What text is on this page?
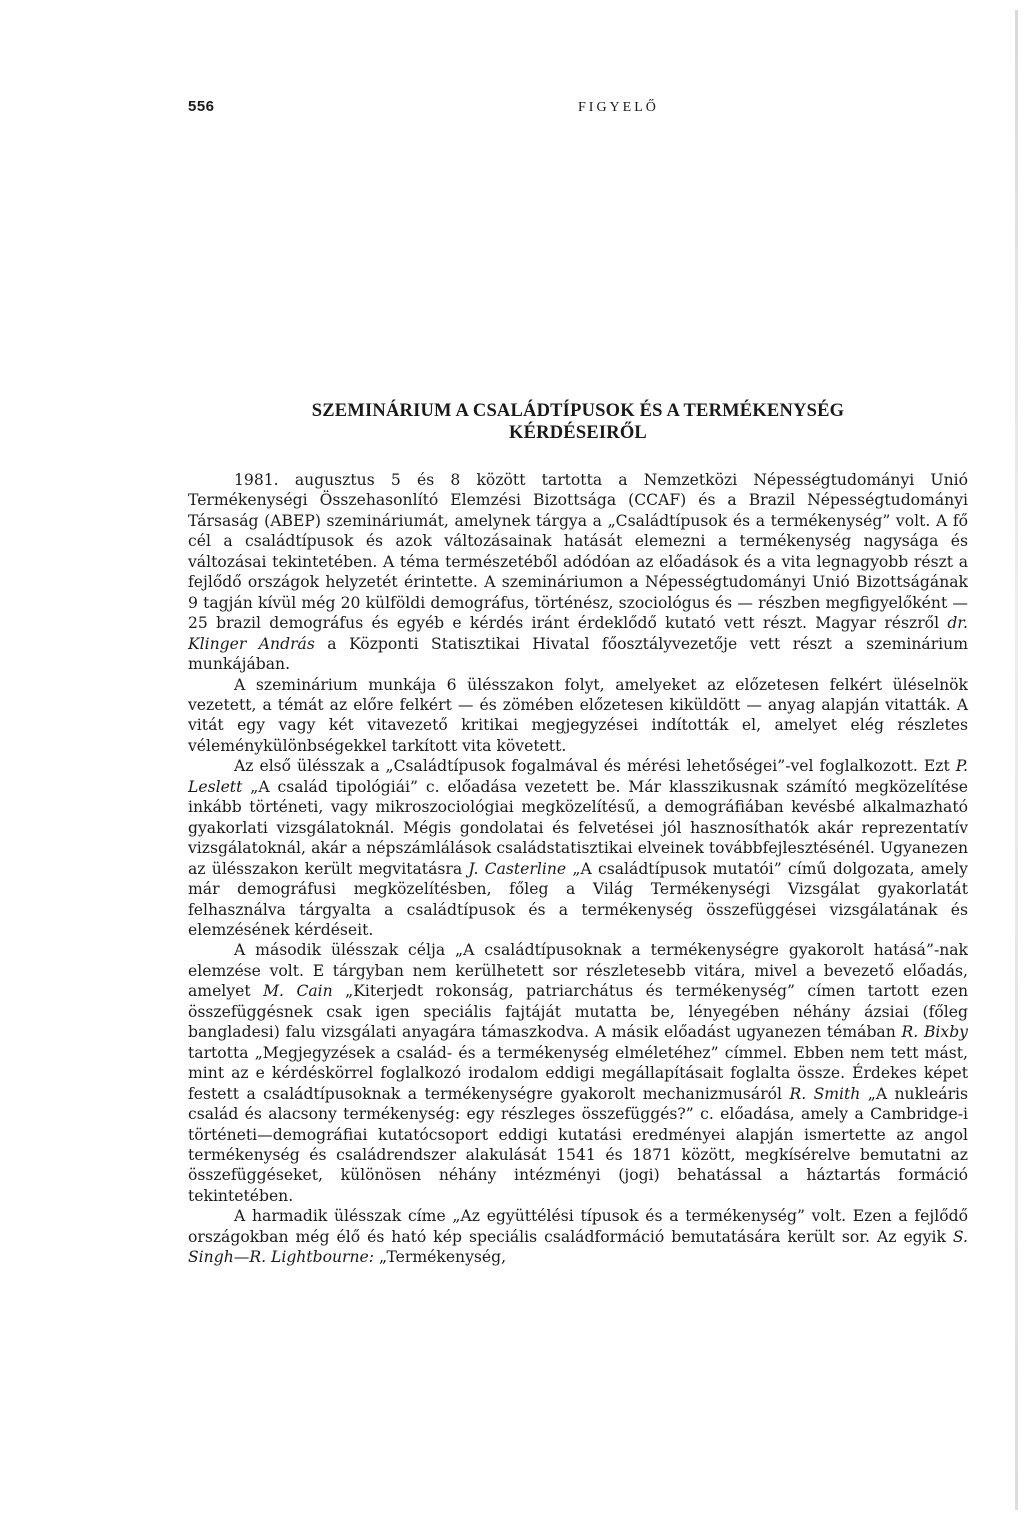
556	FIGYELŐ
SZEMINÁRIUM A CSALÁDTÍPUSOK ÉS A TERMÉKENYSÉG
KÉRDÉSEIRŐL

1981. augusztus 5 és 8 között tartotta a Nemzetközi Népességtudományi Unió Termékenységi Összehasonlító Elemzési Bizottsága (CCAF) és a Brazil Népességtudományi Társaság (ABEP) szemináriumát, amelynek tárgya a „Családtípusok és a termékenység” volt. A fő cél a családtípusok és azok változásainak hatását elemezni a termékenység nagysága és változásai tekintetében. A téma természetéből adódóan az előadások és a vita legnagyobb részt a fejlődő országok helyzetét érintette. A szemináriumon a Népességtudományi Unió Bizottságának 9 tagján kívül még 20 külföldi demográfus, történész, szociológus és — részben megfigyelőként — 25 brazil demográfus és egyéb e kérdés iránt érdeklődő kutató vett részt. Magyar részről dr. Klinger András a Központi Statisztikai Hivatal főosztályvezetője vett részt a szeminárium munkájában.

A szeminárium munkája 6 ülésszakon folyt, amelyeket az előzetesen felkért üléselnök vezetett, a témát az előre felkért — és zömében előzetesen kiküldött — anyag alapján vitatták. A vitát egy vagy két vitavezető kritikai megjegyzései indították el, amelyet elég részletes véleménykülönbségekkel tarkított vita követett.

Az első ülésszak a „Családtípusok fogalmával és mérési lehetőségei”-vel foglalkozott. Ezt P. Leslett „A család tipológiái” c. előadása vezetett be. Már klasszikusnak számító megközelítése inkább történeti, vagy mikroszociológiai megközelítésű, a demográfiában kevésbé alkalmazható gyakorlati vizsgálatoknál. Mégis gondolatai és felvetései jól hasznosíthatók akár reprezentatív vizsgálatoknál, akár a népszámlálások családstatisztikai elveinek továbbfejlesztésénél. Ugyanezen az ülésszakon került megvitatásra J. Casterline „A családtípusok mutatói” című dolgozata, amely már demográfusi megközelítésben, főleg a Világ Termékenységi Vizsgálat gyakorlatát felhasználva tárgyalta a családtípusok és a termékenység összefüggései vizsgálatának és elemzésének kérdéseit.

A második ülésszak célja „A családtípusoknak a termékenységre gyakorolt hatásá”-nak elemzése volt. E tárgyban nem kerülhetett sor részletesebb vitára, mivel a bevezető előadás, amelyet M. Cain „Kiterjedt rokonság, patriarchátus és termékenység” címen tartott ezen összefüggésnek csak igen speciális fajtáját mutatta be, lényegében néhány ázsiai (főleg bangladesi) falu vizsgálati anyagára támaszkodva. A másik előadást ugyanezen témában R. Bixby tartotta „Megjegyzések a család- és a termékenység elméletéhez” címmel. Ebben nem tett mást, mint az e kérdéskörrel foglalkozó irodalom eddigi megállapításait foglalta össze. Érdekes képet festett a családtípusoknak a termékenységre gyakorolt mechanizmusáról R. Smith „A nukleáris család és alacsony termékenység: egy részleges összefüggés?” c. előadása, amely a Cambridge-i történeti—demográfiai kutatócsoport eddigi kutatási eredményei alapján ismertette az angol termékenység és családrendszer alakulását 1541 és 1871 között, megkísérelve bemutatni az összefüggéseket, különösen néhány intézményi (jogi) behatással a háztartás formáció tekintetében.

A harmadik ülésszak címe „Az együttélési típusok és a termékenység” volt. Ezen a fejlődő országokban még élő és ható kép speciális családformáció bemutatására került sor. Az egyik S. Singh—R. Lightbourne: „Termékenység,
